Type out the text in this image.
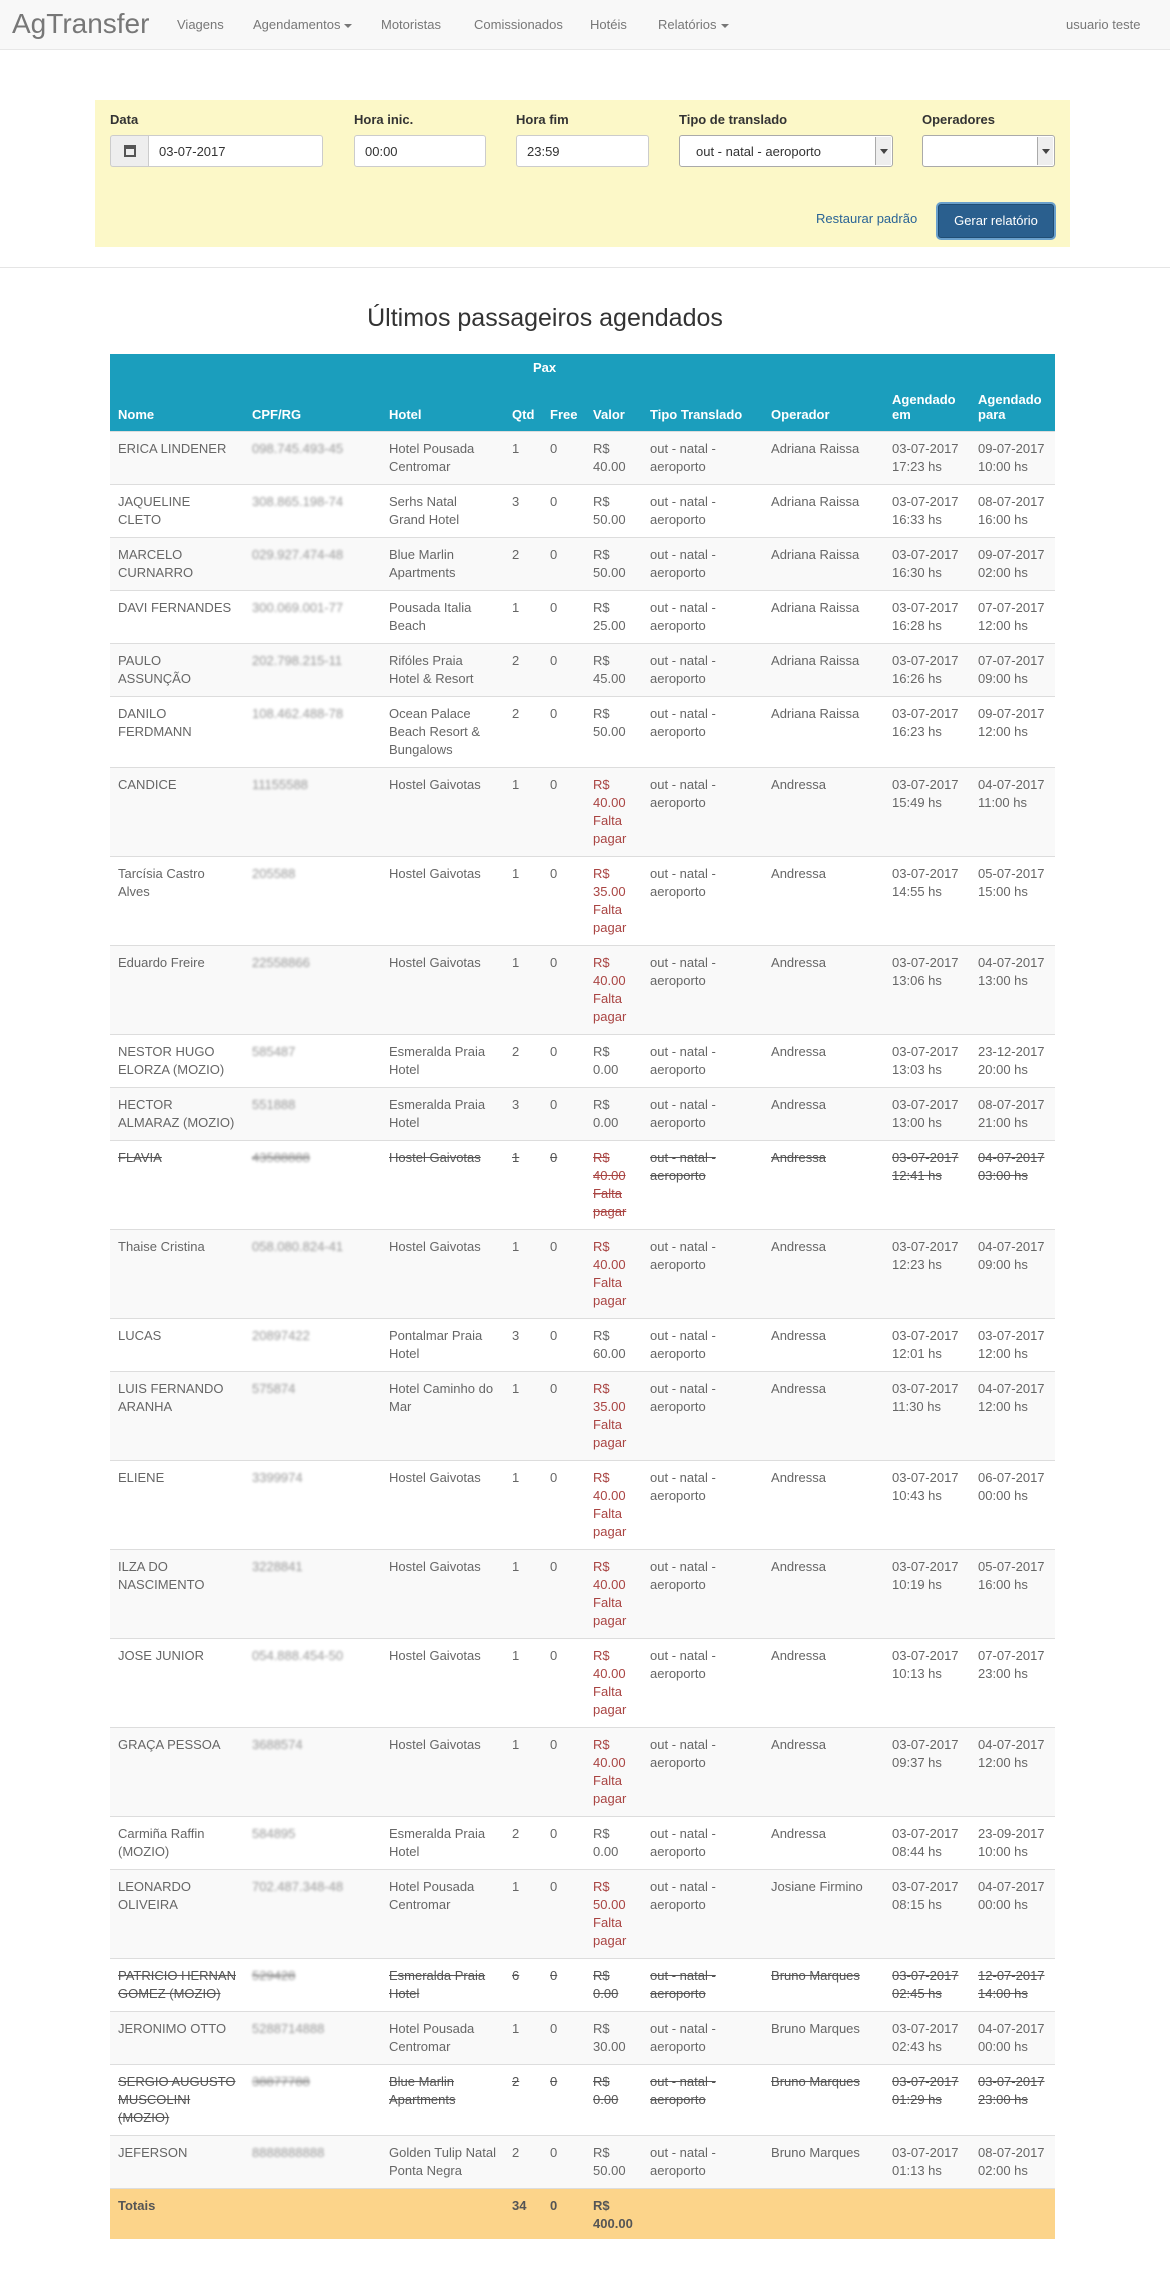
AgTransfer Viagens Agendamentos	Motoristas	Comissionados Hotéis Relatórios	usuario teste
Data
03-07-2017	Hora inic.
00:00	Hora fim
23:59	Tipo de translado
out - natal - aeroporto
Operadores
Restaurar padrão	Gerar relatório
Últimos passageiros agendados
			Pax						
Nome	CPF/RG	Hotel	Qtd	Free	Valor	Tipo Translado	Operador	Agendado em	Agendado para
ERICA LINDENER	098.745.493-45	Hotel Pousada Centromar	1	0	R$ 40.00	out - natal - aeroporto	Adriana Raissa	03-07-2017 17:23 hs	09-07-2017 10:00 hs
JAQUELINE CLETO	308.865.198-74	Serhs Natal Grand Hotel	3	0	R$ 50.00	out - natal - aeroporto	Adriana Raissa	03-07-2017 16:33 hs	08-07-2017 16:00 hs
MARCELO CURNARRO	029.927.474-48	Blue Marlin Apartments	2	0	R$ 50.00	out - natal - aeroporto	Adriana Raissa	03-07-2017 16:30 hs	09-07-2017 02:00 hs
DAVI FERNANDES	300.069.001-77	Pousada Italia Beach	1	0	R$ 25.00	out - natal - aeroporto	Adriana Raissa	03-07-2017 16:28 hs	07-07-2017 12:00 hs
PAULO ASSUNÇÃO	202.798.215-11	Rifóles Praia Hotel & Resort	2	0	R$ 45.00	out - natal - aeroporto	Adriana Raissa	03-07-2017 16:26 hs	07-07-2017 09:00 hs
DANILO FERDMANN	108.462.488-78	Ocean Palace Beach Resort & Bungalows	2	0	R$ 50.00	out - natal - aeroporto	Adriana Raissa	03-07-2017 16:23 hs	09-07-2017 12:00 hs
CANDICE	11155588	Hostel Gaivotas	1	0	R$ 40.00 Falta pagar	out - natal - aeroporto	Andressa	03-07-2017 15:49 hs	04-07-2017 11:00 hs
Tarcísia Castro Alves	205588	Hostel Gaivotas	1	0	R$ 35.00 Falta pagar	out - natal - aeroporto	Andressa	03-07-2017 14:55 hs	05-07-2017 15:00 hs
Eduardo Freire	22558866	Hostel Gaivotas	1	0	R$ 40.00 Falta pagar	out - natal - aeroporto	Andressa	03-07-2017 13:06 hs	04-07-2017 13:00 hs
NESTOR HUGO ELORZA (MOZIO)	585487	Esmeralda Praia Hotel	2	0	R$ 0.00	out - natal - aeroporto	Andressa	03-07-2017 13:03 hs	23-12-2017 20:00 hs
HECTOR ALMARAZ (MOZIO)	551888	Esmeralda Praia Hotel	3	0	R$ 0.00	out - natal - aeroporto	Andressa	03-07-2017 13:00 hs	08-07-2017 21:00 hs
FLAVIA	43588888	Hostel Gaivotas	1	0	R$ 40.00 Falta pagar	out - natal - aeroporto	Andressa	03-07-2017 12:41 hs	04-07-2017 03:00 hs
Thaise Cristina	058.080.824-41	Hostel Gaivotas	1	0	R$ 40.00 Falta pagar	out - natal - aeroporto	Andressa	03-07-2017 12:23 hs	04-07-2017 09:00 hs
LUCAS	20897422	Pontalmar Praia Hotel	3	0	R$ 60.00	out - natal - aeroporto	Andressa	03-07-2017 12:01 hs	03-07-2017 12:00 hs
LUIS FERNANDO ARANHA	575874	Hotel Caminho do Mar	1	0	R$ 35.00 Falta pagar	out - natal - aeroporto	Andressa	03-07-2017 11:30 hs	04-07-2017 12:00 hs
ELIENE	3399974	Hostel Gaivotas	1	0	R$ 40.00 Falta pagar	out - natal - aeroporto	Andressa	03-07-2017 10:43 hs	06-07-2017 00:00 hs
ILZA DO NASCIMENTO	3228841	Hostel Gaivotas	1	0	R$ 40.00 Falta pagar	out - natal - aeroporto	Andressa	03-07-2017 10:19 hs	05-07-2017 16:00 hs
JOSE JUNIOR	054.888.454-50	Hostel Gaivotas	1	0	R$ 40.00 Falta pagar	out - natal - aeroporto	Andressa	03-07-2017 10:13 hs	07-07-2017 23:00 hs
GRAÇA PESSOA	3688574	Hostel Gaivotas	1	0	R$ 40.00 Falta pagar	out - natal - aeroporto	Andressa	03-07-2017 09:37 hs	04-07-2017 12:00 hs
Carmiña Raffin (MOZIO)	584895	Esmeralda Praia Hotel	2	0	R$ 0.00	out - natal - aeroporto	Andressa	03-07-2017 08:44 hs	23-09-2017 10:00 hs
LEONARDO OLIVEIRA	702.487.348-48	Hotel Pousada Centromar	1	0	R$ 50.00 Falta pagar	out - natal - aeroporto	Josiane Firmino	03-07-2017 08:15 hs	04-07-2017 00:00 hs
PATRICIO HERNAN GOMEZ (MOZIO)	529428	Esmeralda Praia Hotel	6	0	R$ 0.00	out - natal - aeroporto	Bruno Marques	03-07-2017 02:45 hs	12-07-2017 14:00 hs
JERONIMO OTTO	5288714888	Hotel Pousada Centromar	1	0	R$ 30.00	out - natal - aeroporto	Bruno Marques	03-07-2017 02:43 hs	04-07-2017 00:00 hs
SERGIO AUGUSTO MUSCOLINI (MOZIO)	38877788	Blue Marlin Apartments	2	0	R$ 0.00	out - natal - aeroporto	Bruno Marques	03-07-2017 01:29 hs	03-07-2017 23:00 hs
JEFERSON	8888888888	Golden Tulip Natal Ponta Negra	2	0	R$ 50.00	out - natal - aeroporto	Bruno Marques	03-07-2017 01:13 hs	08-07-2017 02:00 hs
Totais			34	0	R$ 400.00				
